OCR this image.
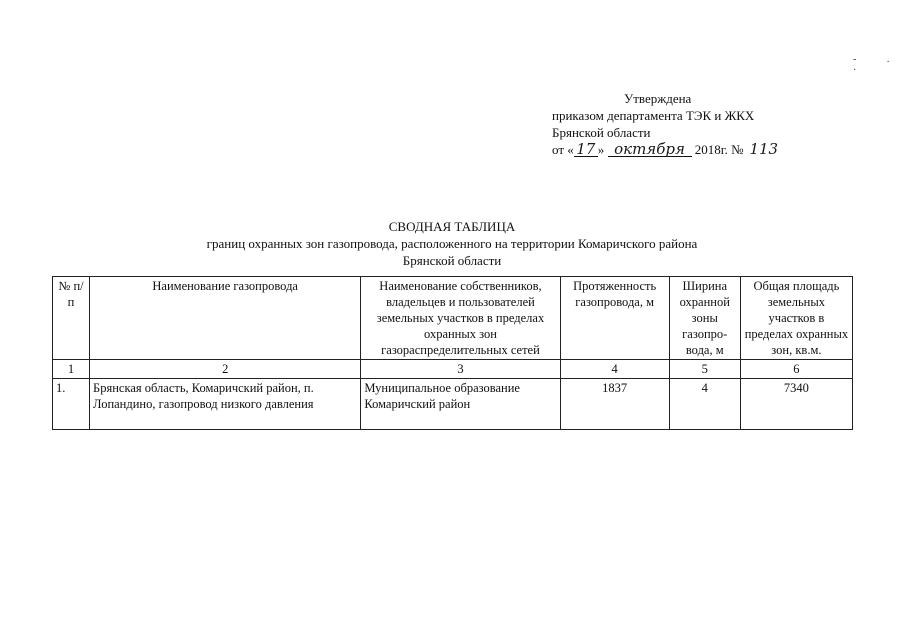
- . ·
Утверждена
приказом департамента ТЭК и ЖКХ
Брянской области
от « 17 » октября 2018г. № 113
СВОДНАЯ ТАБЛИЦА
границ охранных зон газопровода, расположенного на территории Комаричского района
Брянской области
№ п/п	Наименование газопровода	Наименование собственников, владельцев и пользователей земельных участков в пределах охранных зон газораспределительных сетей	Протяженность газопровода, м	Ширина охранной зоны газопро-вода, м	Общая площадь земельных участков в пределах охранных зон, кв.м.
1	2	3	4	5	6
1.	Брянская область, Комаричский район, п. Лопандино, газопровод низкого давления	Муниципальное образование Комаричский район	1837	4	7340
